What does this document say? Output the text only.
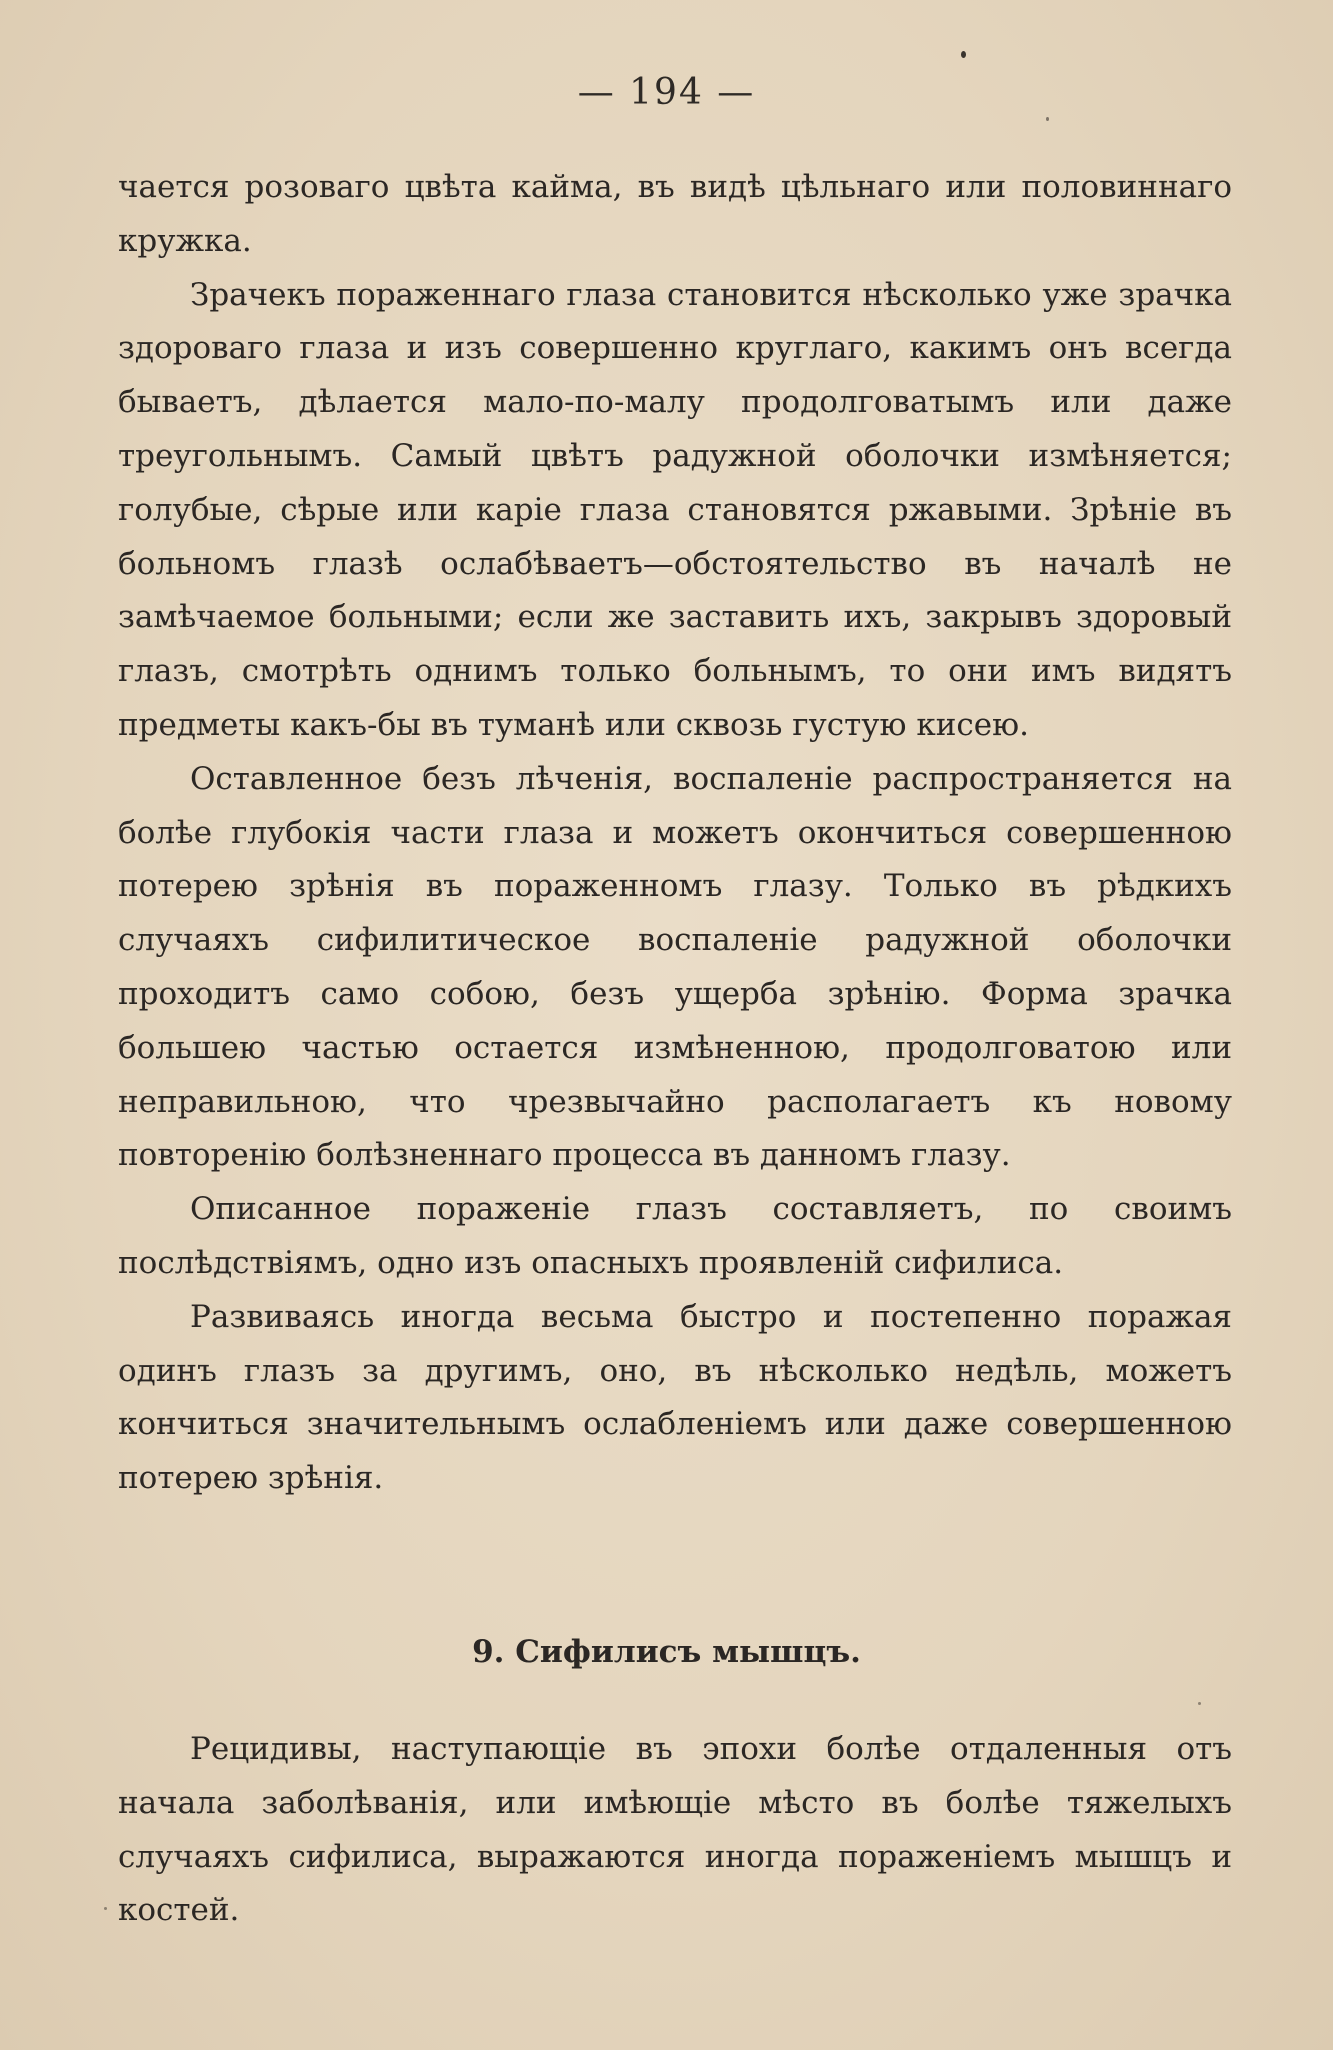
— 194 —

чается розоваго цвѣта кайма, въ видѣ цѣльнаго или половиннаго кружка.

Зрачекъ пораженнаго глаза становится нѣсколько уже зрачка здороваго глаза и изъ совершенно круглаго, какимъ онъ всегда бываетъ, дѣлается мало-по-малу продолговатымъ или даже треугольнымъ. Самый цвѣтъ радужной оболочки измѣняется; голубые, сѣрые или карie глаза становятся ржавыми. Зрѣнie въ больномъ глазѣ ослабѣваетъ—обстоятельство въ началѣ не замѣчаемое больными; если же заставить ихъ, закрывъ здоровый глазъ, смотрѣть однимъ только больнымъ, то они имъ видятъ предметы какъ-бы въ туманѣ или сквозь густую кисею.

Оставленное безъ лѣченiя, воспаленie распространяется на болѣе глубокiя части глаза и можетъ окончиться совершенною потерею зрѣнiя въ пораженномъ глазу. Только въ рѣдкихъ случаяхъ сифилитическое воспаленie радужной оболочки проходитъ само собою, безъ ущерба зрѣнiю. Форма зрачка большею частью остается измѣненною, продолговатою или неправильною, что чрезвычайно располагаетъ къ новому повторенiю болѣзненнаго процесса въ данномъ глазу.

Описанное пораженie глазъ составляетъ, по своимъ послѣдствiямъ, одно изъ опасныхъ проявленiй сифилиса.

Развиваясь иногда весьма быстро и постепенно поражая одинъ глазъ за другимъ, оно, въ нѣсколько недѣль, можетъ кончиться значительнымъ ослабленiемъ или даже совершенною потерею зрѣнiя.

9. Сифилисъ мышцъ.

Рецидивы, наступающie въ эпохи болѣе отдаленныя отъ начала заболѣванiя, или имѣющie мѣсто въ болѣе тяжелыхъ случаяхъ сифилиса, выражаются иногда пораженiемъ мышцъ и костей.
